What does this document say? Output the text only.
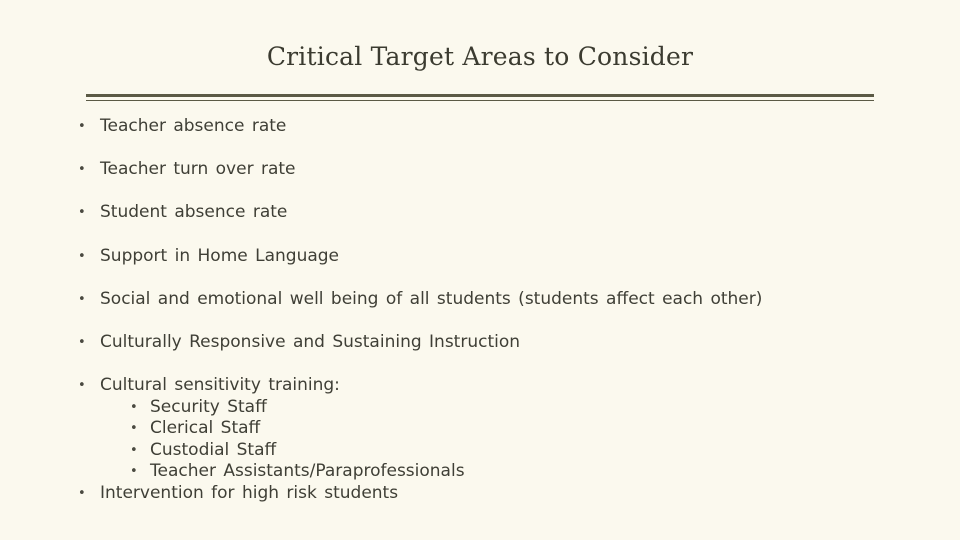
Critical Target Areas to Consider
• Teacher absence rate
• Teacher turn over rate
• Student absence rate
• Support in Home Language
• Social and emotional well being of all students (students affect each other)
• Culturally Responsive and Sustaining Instruction
• Cultural sensitivity training:
• Security Staff
• Clerical Staff
• Custodial Staff
• Teacher Assistants/Paraprofessionals
• Intervention for high risk students
